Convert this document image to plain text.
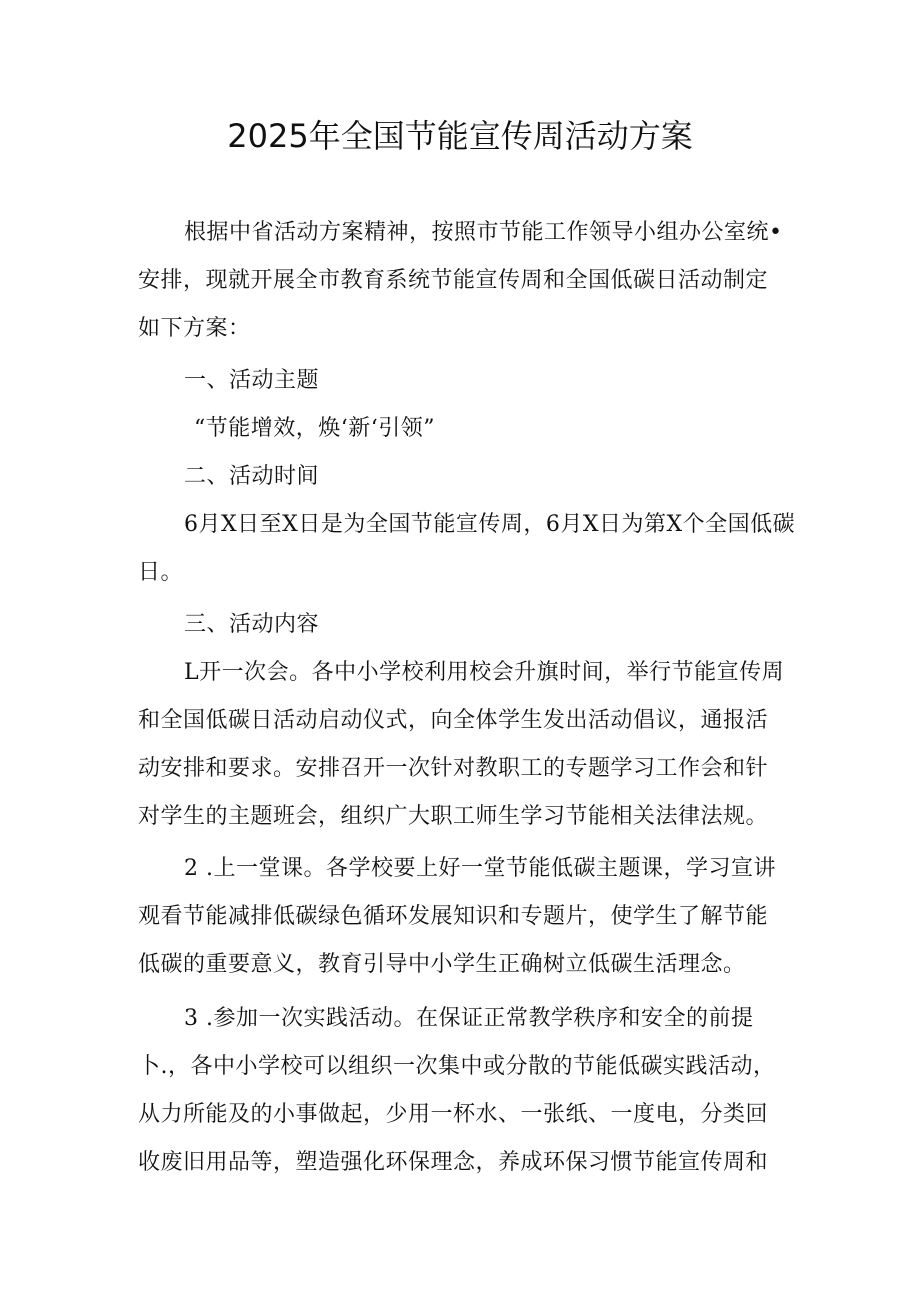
2025年全国节能宣传周活动方案
根据中省活动方案精神，按照市节能工作领导小组办公室统•
安排，现就开展全市教育系统节能宣传周和全国低碳日活动制定
如下方案：
一、活动主题
“节能增效，焕‘新‘引领”
二、活动时间
6月X日至X日是为全国节能宣传周，6月X日为第X个全国低碳
日。
三、活动内容
L开一次会。各中小学校利用校会升旗时间，举行节能宣传周
和全国低碳日活动启动仪式，向全体学生发出活动倡议，通报活
动安排和要求。安排召开一次针对教职工的专题学习工作会和针
对学生的主题班会，组织广大职工师生学习节能相关法律法规。
2 .上一堂课。各学校要上好一堂节能低碳主题课，学习宣讲
观看节能减排低碳绿色循环发展知识和专题片，使学生了解节能
低碳的重要意义，教育引导中小学生正确树立低碳生活理念。
3 .参加一次实践活动。在保证正常教学秩序和安全的前提
卜.，各中小学校可以组织一次集中或分散的节能低碳实践活动，
从力所能及的小事做起，少用一杯水、一张纸、一度电，分类回
收废旧用品等，塑造强化环保理念，养成环保习惯节能宣传周和
